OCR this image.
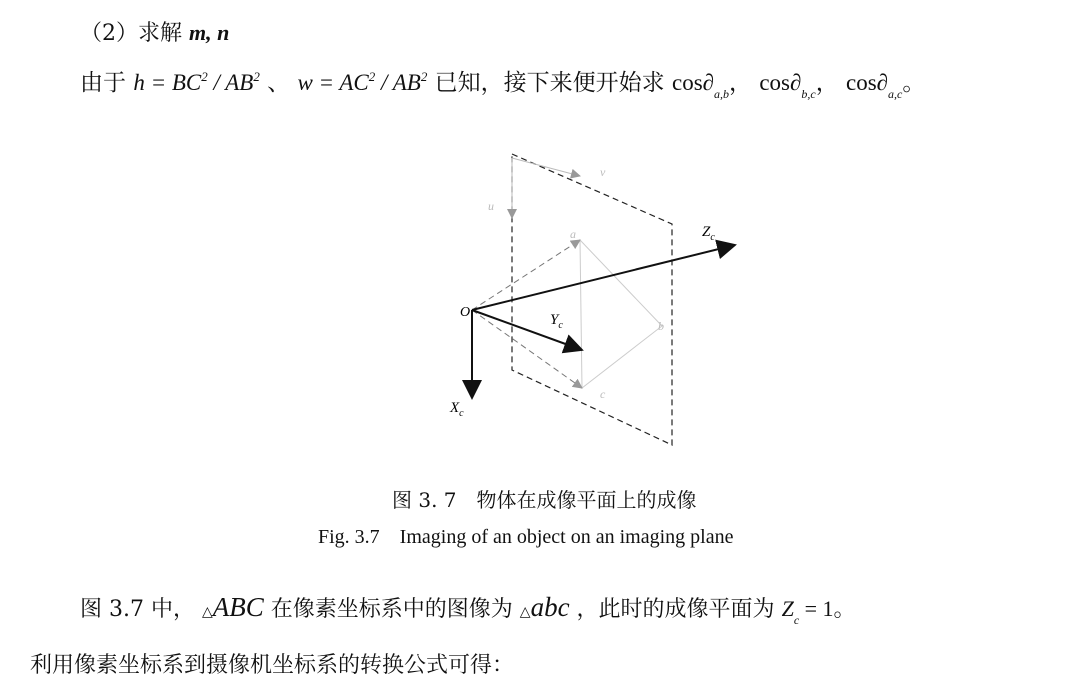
（2）求解 m, n
由于 $h = BC^2 / AB^2$ 、 $w = AC^2 / AB^2$ 已知，接下来便开始求 $\cos\partial_{a,b}$， $\cos\partial_{b,c}$， $\cos\partial_{a,c}$。
O
$Z_c$
$Y_c$
$X_c$
v
u
a
b
c
图 3. 7　物体在成像平面上的成像
Fig. 3.7　Imaging of an object on an imaging plane
图 3.7 中， △ABC 在像素坐标系中的图像为 △abc ，此时的成像平面为 $Z_c = 1$。
利用像素坐标系到摄像机坐标系的转换公式可得：
